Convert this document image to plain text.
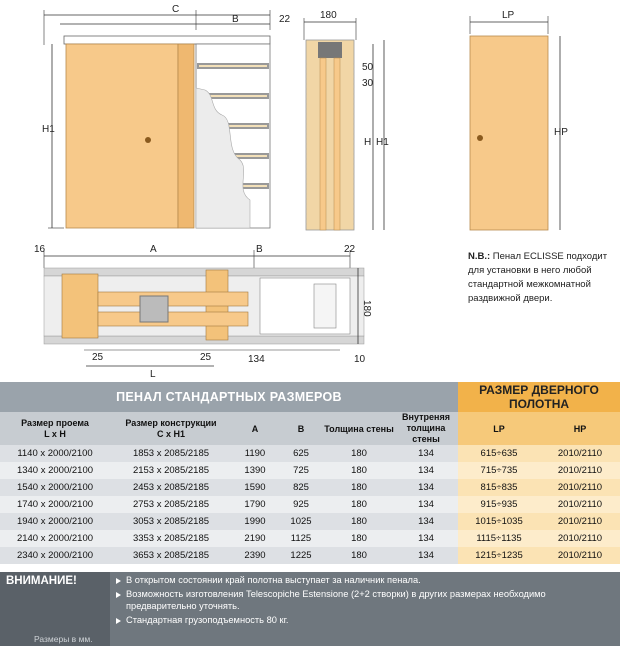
C
B	22
H1
180
50
30
H H1
LP
HP
16	A	B	22
180
25	25
L
134	10
N.B.: Пенал ECLISSE подходит для установки в него любой стандартной межкомнатной раздвижной двери.
ПЕНАЛ СТАНДАРТНЫХ РАЗМЕРОВ						РАЗМЕР ДВЕРНОГО ПОЛОТНА	
Размер проема
L x H	Размер конструкции
C x H1	A	B	Толщина стены	Внутреняя
толщина стены	LP	HP
1140 x 2000/2100	1853 x 2085/2185	1190	625	180	134	615÷635	2010/2110
1340 x 2000/2100	2153 x 2085/2185	1390	725	180	134	715÷735	2010/2110
1540 x 2000/2100	2453 x 2085/2185	1590	825	180	134	815÷835	2010/2110
1740 x 2000/2100	2753 x 2085/2185	1790	925	180	134	915÷935	2010/2110
1940 x 2000/2100	3053 x 2085/2185	1990	1025	180	134	1015÷1035	2010/2110
2140 x 2000/2100	3353 x 2085/2185	2190	1125	180	134	1115÷1135	2010/2110
2340 x 2000/2100	3653 x 2085/2185	2390	1225	180	134	1215÷1235	2010/2110
ВНИМАНИЕ!
Размеры в мм.
В открытом состоянии край полотна выступает за наличник пенала.
Возможность изготовления Telescopiche Estensione (2+2 створки) в других размерах необходимо предварительно уточнять.
Стандартная грузоподъемность 80 кг.
